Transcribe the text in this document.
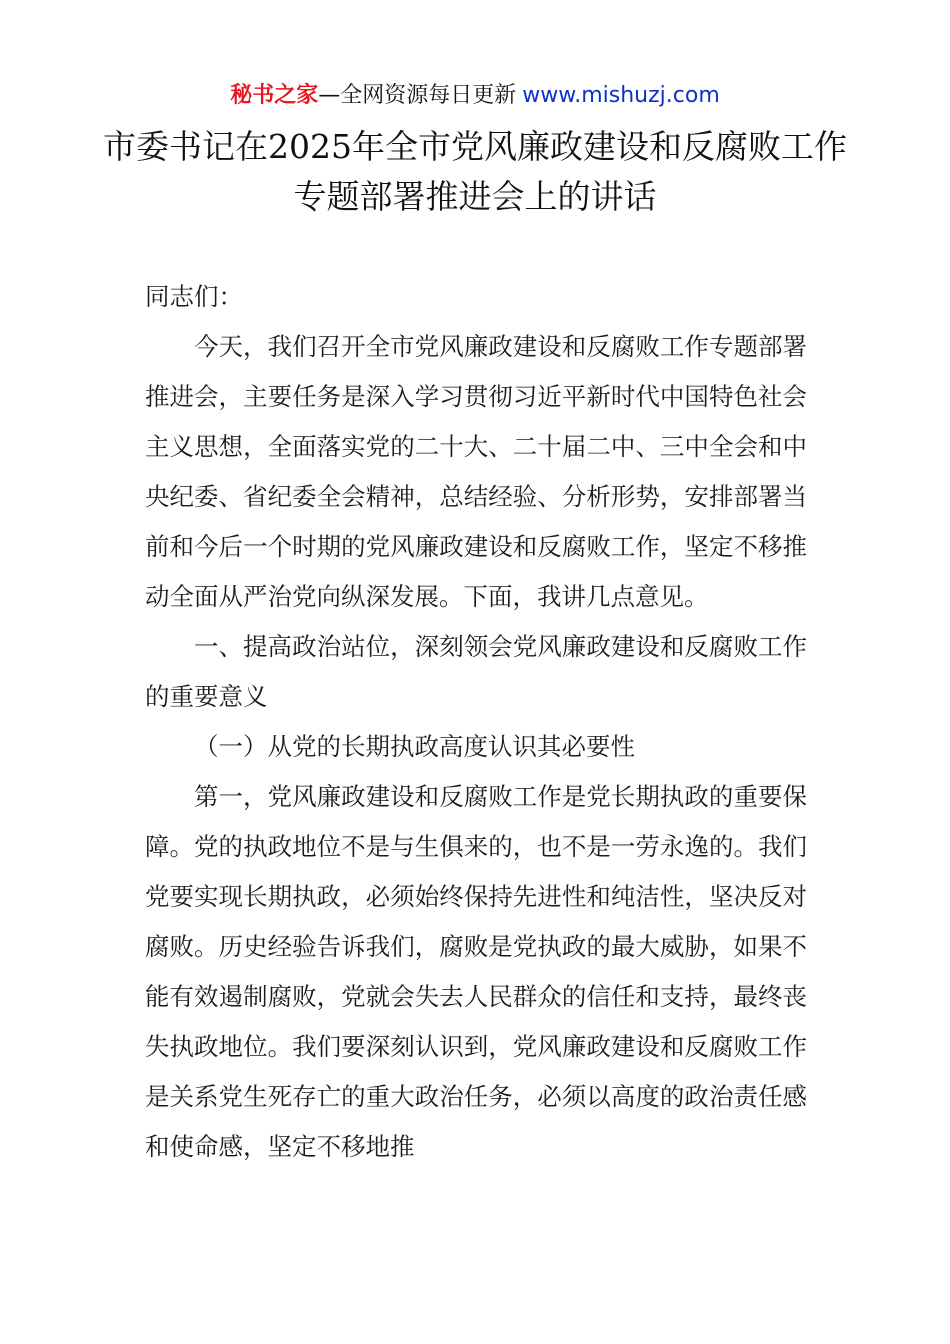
秘书之家—全网资源每日更新 www.mishuzj.com
市委书记在2025年全市党风廉政建设和反腐败工作专题部署推进会上的讲话

同志们：

今天，我们召开全市党风廉政建设和反腐败工作专题部署推进会，主要任务是深入学习贯彻习近平新时代中国特色社会主义思想，全面落实党的二十大、二十届二中、三中全会和中央纪委、省纪委全会精神，总结经验、分析形势，安排部署当前和今后一个时期的党风廉政建设和反腐败工作，坚定不移推动全面从严治党向纵深发展。下面，我讲几点意见。

一、提高政治站位，深刻领会党风廉政建设和反腐败工作的重要意义

（一）从党的长期执政高度认识其必要性

第一，党风廉政建设和反腐败工作是党长期执政的重要保障。党的执政地位不是与生俱来的，也不是一劳永逸的。我们党要实现长期执政，必须始终保持先进性和纯洁性，坚决反对腐败。历史经验告诉我们，腐败是党执政的最大威胁，如果不能有效遏制腐败，党就会失去人民群众的信任和支持，最终丧失执政地位。我们要深刻认识到，党风廉政建设和反腐败工作是关系党生死存亡的重大政治任务，必须以高度的政治责任感和使命感，坚定不移地推
